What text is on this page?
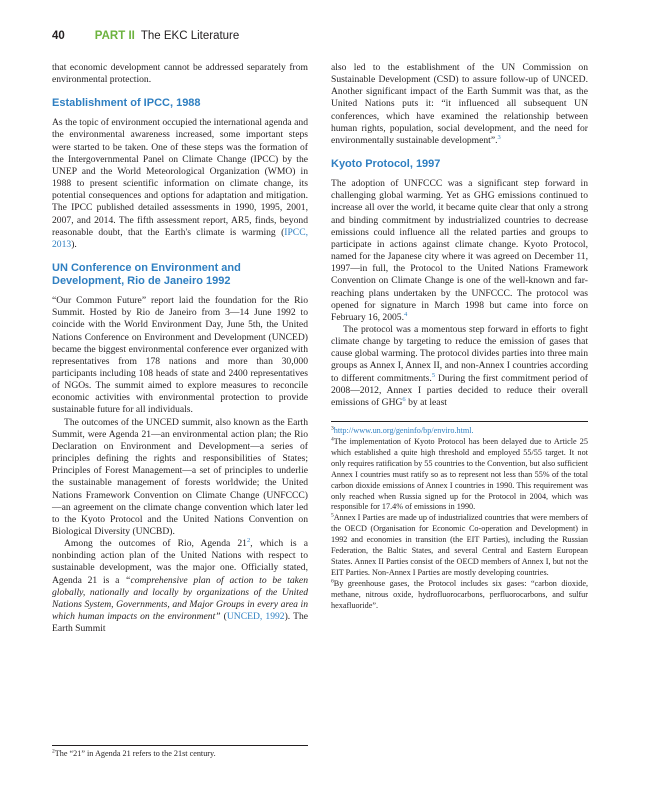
40	PART II The EKC Literature

that economic development cannot be addressed separately from environmental protection.

Establishment of IPCC, 1988

As the topic of environment occupied the international agenda and the environmental awareness increased, some important steps were started to be taken. One of these steps was the formation of the Intergovernmental Panel on Climate Change (IPCC) by the UNEP and the World Meteorological Organization (WMO) in 1988 to present scientific information on climate change, its potential consequences and options for adaptation and mitigation. The IPCC published detailed assessments in 1990, 1995, 2001, 2007, and 2014. The fifth assessment report, AR5, finds, beyond reasonable doubt, that the Earth's climate is warming (IPCC, 2013).

UN Conference on Environment and Development, Rio de Janeiro 1992

“Our Common Future” report laid the foundation for the Rio Summit. Hosted by Rio de Janeiro from 3—14 June 1992 to coincide with the World Environment Day, June 5th, the United Nations Conference on Environment and Development (UNCED) became the biggest environmental conference ever organized with representatives from 178 nations and more than 30,000 participants including 108 heads of state and 2400 representatives of NGOs. The summit aimed to explore measures to reconcile economic activities with environmental protection to provide sustainable future for all individuals.

The outcomes of the UNCED summit, also known as the Earth Summit, were Agenda 21—an environmental action plan; the Rio Declaration on Environment and Development—a series of principles defining the rights and responsibilities of States; Principles of Forest Management—a set of principles to underlie the sustainable management of forests worldwide; the United Nations Framework Convention on Climate Change (UNFCCC)—an agreement on the climate change convention which later led to the Kyoto Protocol and the United Nations Convention on Biological Diversity (UNCBD).

Among the outcomes of Rio, Agenda $21^2$, which is a nonbinding action plan of the United Nations with respect to sustainable development, was the major one. Officially stated, Agenda 21 is a “comprehensive plan of action to be taken globally, nationally and locally by organizations of the United Nations System, Governments, and Major Groups in every area in which human impacts on the environment” (UNCED, 1992). The Earth Summit

$^2$The “21” in Agenda 21 refers to the 21st century.

also led to the establishment of the UN Commission on Sustainable Development (CSD) to assure follow-up of UNCED. Another significant impact of the Earth Summit was that, as the United Nations puts it: “it influenced all subsequent UN conferences, which have examined the relationship between human rights, population, social development, and the need for environmentally sustainable development”.$^3$

Kyoto Protocol, 1997

The adoption of UNFCCC was a significant step forward in challenging global warming. Yet as GHG emissions continued to increase all over the world, it became quite clear that only a strong and binding commitment by industrialized countries to decrease emissions could influence all the related parties and groups to participate in actions against climate change. Kyoto Protocol, named for the Japanese city where it was agreed on December 11, 1997—in full, the Protocol to the United Nations Framework Convention on Climate Change is one of the well-known and far-reaching plans undertaken by the UNFCCC. The protocol was opened for signature in March 1998 but came into force on February 16, 2005.$^4$

The protocol was a momentous step forward in efforts to fight climate change by targeting to reduce the emission of gases that cause global warming. The protocol divides parties into three main groups as Annex I, Annex II, and non-Annex I countries according to different commitments.$^5$ During the first commitment period of 2008—2012, Annex I parties decided to reduce their overall emissions of GHG$^6$ by at least

$^3$http://www.un.org/geninfo/bp/enviro.html.

$^4$The implementation of Kyoto Protocol has been delayed due to Article 25 which established a quite high threshold and employed 55/55 target. It not only requires ratification by 55 countries to the Convention, but also sufficient Annex I countries must ratify so as to represent not less than 55% of the total carbon dioxide emissions of Annex I countries in 1990. This requirement was only reached when Russia signed up for the Protocol in 2004, which was responsible for 17.4% of emissions in 1990.

$^5$Annex I Parties are made up of industrialized countries that were members of the OECD (Organisation for Economic Co-operation and Development) in 1992 and economies in transition (the EIT Parties), including the Russian Federation, the Baltic States, and several Central and Eastern European States. Annex II Parties consist of the OECD members of Annex I, but not the EIT Parties. Non-Annex I Parties are mostly developing countries.

$^6$By greenhouse gases, the Protocol includes six gases: “carbon dioxide, methane, nitrous oxide, hydrofluorocarbons, perfluorocarbons, and sulfur hexafluoride”.
